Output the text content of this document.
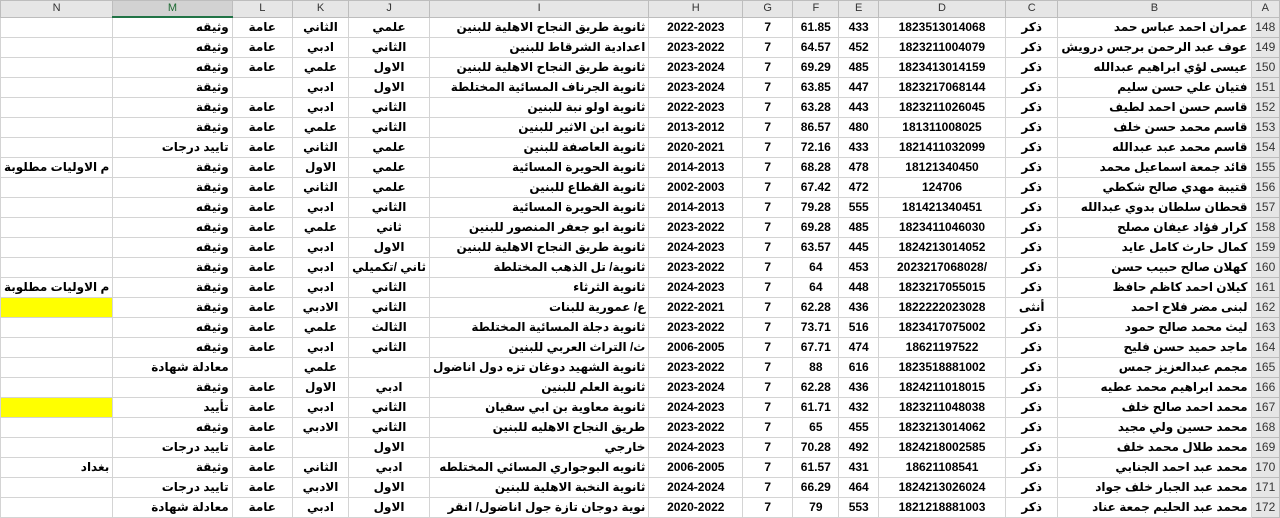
N	M	L	K	J	I	H	G	F	E	D	C	B	A
	وثيقه	عامة	الثاني	علمي	ثانوية طريق النجاح الاهلية للبنين	2022-2023	7	61.85	433	1823513014068	ذكر	عمران احمد عباس حمد	148
	وثيقه	عامة	ادبي	الثاني	اعدادية الشرقاط للبنين	2023-2022	7	64.57	452	1823211004079	ذكر	عوف عبد الرحمن برجس درويش	149
	وثيقه	عامة	علمي	الاول	ثانوية طريق النجاح الاهلية للبنين	2023-2024	7	69.29	485	1823413014159	ذكر	عيسى لؤي ابراهيم عبدالله	150
	وثيقة		ادبي	الاول	ثانوية الجرناف المسائية المختلطة	2023-2024	7	63.85	447	1823217068144	ذكر	فتيان علي حسن سليم	151
	وثيقة	عامة	ادبي	الثاني	ثانوية اولو نبة للبنين	2022-2023	7	63.28	443	1823211026045	ذكر	قاسم حسن احمد لطيف	152
	وثيقة	عامة	علمي	الثاني	ثانوية ابن الاثير للبنين	2013-2012	7	86.57	480	181311008025	ذكر	قاسم محمد حسن خلف	153
	تاييد درجات	عامة	الثاني	علمي	ثانوية العاصفة للبنين	2020-2021	7	72.16	433	1821411032099	ذكر	قاسم محمد عبد عبدالله	154
م الاوليات مطلوبة	وثيقة	عامة	الاول	علمي	ثانوية الحويرة المسائية	2014-2013	7	68.28	478	18121340450	ذكر	قائد جمعة اسماعيل محمد	155
	وثيقة	عامة	الثاني	علمي	ثانوية القطاع للبنين	2002-2003	7	67.42	472	124706	ذكر	قتيبة مهدي صالح شكطي	156
	وثيقه	عامة	ادبي	الثاني	ثانوية الحويرة المسائية	2014-2013	7	79.28	555	181421340451	ذكر	قحطان سلطان بدوي عبدالله	157
	وثيقه	عامة	علمي	ثاني	ثانوية ابو جعفر المنصور للبنين	2023-2022	7	69.28	485	1823411046030	ذكر	كرار فؤاد عيفان مصلح	158
	وثيقه	عامة	ادبي	الاول	ثانوية طريق النجاح الاهلية للبنين	2024-2023	7	63.57	445	1824213014052	ذكر	كمال حارث كامل عايد	159
	وثيقة	عامة	ادبي	ثاني /تكميلي	ثانوية/ تل الذهب المختلطة	2023-2022	7	64	453	2023217068028/	ذكر	كهلان صالح حبيب حسن	160
م الاوليات مطلوبة	وثيقة	عامة	ادبي	الثاني	ثانوية الثرثاء	2024-2023	7	64	448	1823217055015	ذكر	كيلان احمد كاظم حافظ	161
	وثيقة	عامة	الادبي	الثاني	ع/ عمورية للبنات	2022-2021	7	62.28	436	1822222023028	أنثى	لبنى مضر فلاح احمد	162
	وثيقه	عامة	علمي	الثالث	ثانوية دجلة المسائية المختلطة	2023-2022	7	73.71	516	1823417075002	ذكر	ليث محمد صالح حمود	163
	وثيقه	عامة	ادبي	الثاني	ث/ التراث العربي للبنين	2006-2005	7	67.71	474	18621197522	ذكر	ماجد حميد حسن فليح	164
	معادلة شهادة		علمي		ثانوية الشهيد دوغان تزه دول اناضول	2023-2022	7	88	616	1823518881002	ذكر	مجمم عبدالعزيز جمس	165
	وثيقة	عامة	الاول	ادبي	ثانوية العلم للبنين	2023-2024	7	62.28	436	1824211018015	ذكر	محمد ابراهيم محمد عطيه	166
	تأييد	عامة	ادبي	الثاني	ثانوية معاوية بن ابي سفيان	2024-2023	7	61.71	432	1823211048038	ذكر	محمد احمد صالح خلف	167
	وثيقه	عامة	الادبي	الثاني	طريق النجاح الاهليه للبنين	2023-2022	7	65	455	1823213014062	ذكر	محمد حسين ولي مجيد	168
	تاييد درجات	عامة		الاول	خارجي	2024-2023	7	70.28	492	1824218002585	ذكر	محمد طلال محمد خلف	169
بغداد	وثيقة	عامة	الثاني	ادبي	ثانويه البوجواري المسائي المختلطه	2006-2005	7	61.57	431	18621108541	ذكر	محمد عبد احمد الجنابي	170
	تاييد درجات	عامة	الادبي	الاول	ثانوية النخبة الاهلية للبنين	2024-2024	7	66.29	464	1824213026024	ذكر	محمد عبد الجبار خلف جواد	171
	معادلة شهادة	عامة	ادبي	الاول	نوية دوجان تازة جول اناضول/ انقر	2020-2022	7	79	553	1821218881003	ذكر	محمد عبد الحليم جمعة عناد	172
